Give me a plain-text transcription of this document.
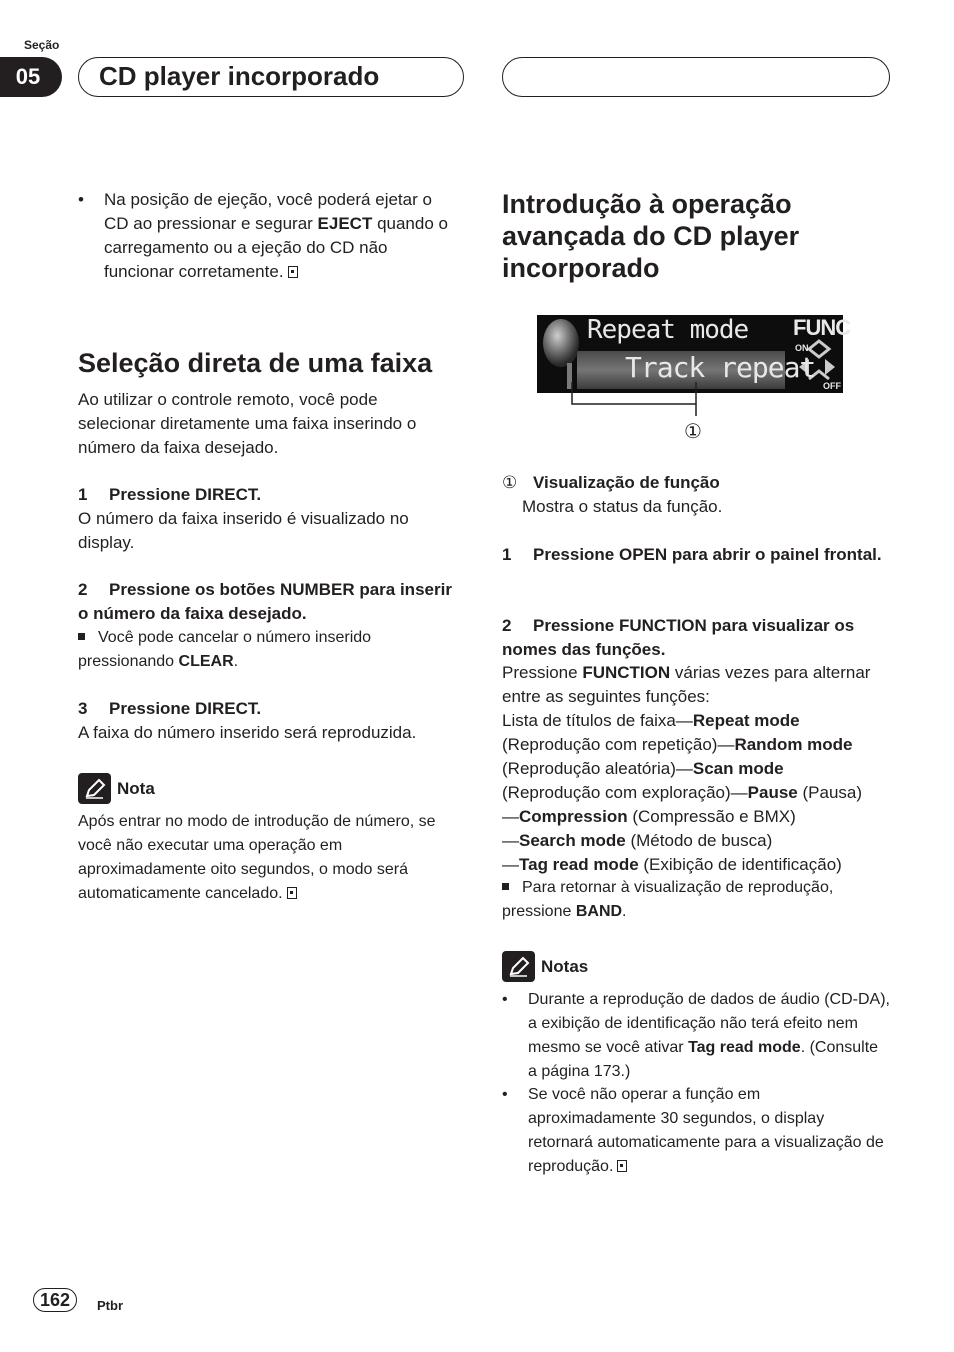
Seção
05	CD player incorporado
•	Na posição de ejeção, você poderá ejetar o CD ao pressionar e segurar EJECT quando o carregamento ou a ejeção do CD não funcionar corretamente.
Seleção direta de uma faixa
Ao utilizar o controle remoto, você pode selecionar diretamente uma faixa inserindo o número da faixa desejado.
1 Pressione DIRECT.
O número da faixa inserido é visualizado no display.
2 Pressione os botões NUMBER para inserir o número da faixa desejado.
Você pode cancelar o número inserido pressionando CLEAR.
3 Pressione DIRECT.
A faixa do número inserido será reproduzida.
Nota
Após entrar no modo de introdução de número, se você não executar uma operação em aproximadamente oito segundos, o modo será automaticamente cancelado.
Introdução à operação avançada do CD player incorporado
Repeat mode
Track repeat
FUNC
ON
OFF
①
① Visualização de função
Mostra o status da função.
1 Pressione OPEN para abrir o painel frontal.
2 Pressione FUNCTION para visualizar os nomes das funções.
Pressione FUNCTION várias vezes para alternar entre as seguintes funções:
Lista de títulos de faixa—Repeat mode (Reprodução com repetição)—Random mode
(Reprodução aleatória)—Scan mode (Reprodução com exploração)—Pause (Pausa)
—Compression (Compressão e BMX)
—Search mode (Método de busca)
—Tag read mode (Exibição de identificação)
Para retornar à visualização de reprodução, pressione BAND.
Notas
•	Durante a reprodução de dados de áudio (CD-DA), a exibição de identificação não terá efeito nem mesmo se você ativar Tag read mode. (Consulte a página 173.)
•	Se você não operar a função em aproximadamente 30 segundos, o display retornará automaticamente para a visualização de reprodução.
162	Ptbr
